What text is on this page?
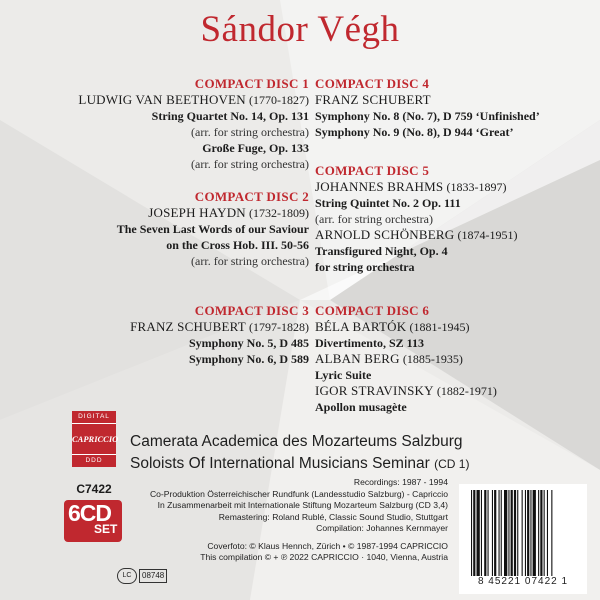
Sándor Végh
COMPACT DISC 1
LUDWIG VAN BEETHOVEN (1770-1827)
String Quartet No. 14, Op. 131
(arr. for string orchestra)
Große Fuge, Op. 133
(arr. for string orchestra)
COMPACT DISC 2
JOSEPH HAYDN (1732-1809)
The Seven Last Words of our Saviour
on the Cross Hob. III. 50-56
(arr. for string orchestra)
COMPACT DISC 3
FRANZ SCHUBERT (1797-1828)
Symphony No. 5, D 485
Symphony No. 6, D 589
COMPACT DISC 4
FRANZ SCHUBERT
Symphony No. 8 (No. 7), D 759 ‘Unfinished’
Symphony No. 9 (No. 8), D 944 ‘Great’
COMPACT DISC 5
JOHANNES BRAHMS (1833-1897)
String Quintet No. 2 Op. 111
(arr. for string orchestra)
ARNOLD SCHÖNBERG (1874-1951)
Transfigured Night, Op. 4
for string orchestra
COMPACT DISC 6
BÉLA BARTÓK (1881-1945)
Divertimento, SZ 113
ALBAN BERG (1885-1935)
Lyric Suite
IGOR STRAVINSKY (1882-1971)
Apollon musagète
Camerata Academica des Mozarteums Salzburg
Soloists Of International Musicians Seminar (CD 1)
Recordings: 1987 - 1994
Co-Produktion Österreichischer Rundfunk (Landesstudio Salzburg) - Capriccio
In Zusammenarbeit mit Internationale Stiftung Mozarteum Salzburg (CD 3,4)
Remastering: Roland Rublé, Classic Sound Studio, Stuttgart
Compilation: Johannes Kernmayer
Coverfoto: © Klaus Hennch, Zürich • © 1987-1994 CAPRICCIO
This compilation © + ℗ 2022 CAPRICCIO · 1040, Vienna, Austria
DIGITAL
CAPRICCIO
DDD
C7422
6CD
SET
LC	08748
8 45221 07422 1
